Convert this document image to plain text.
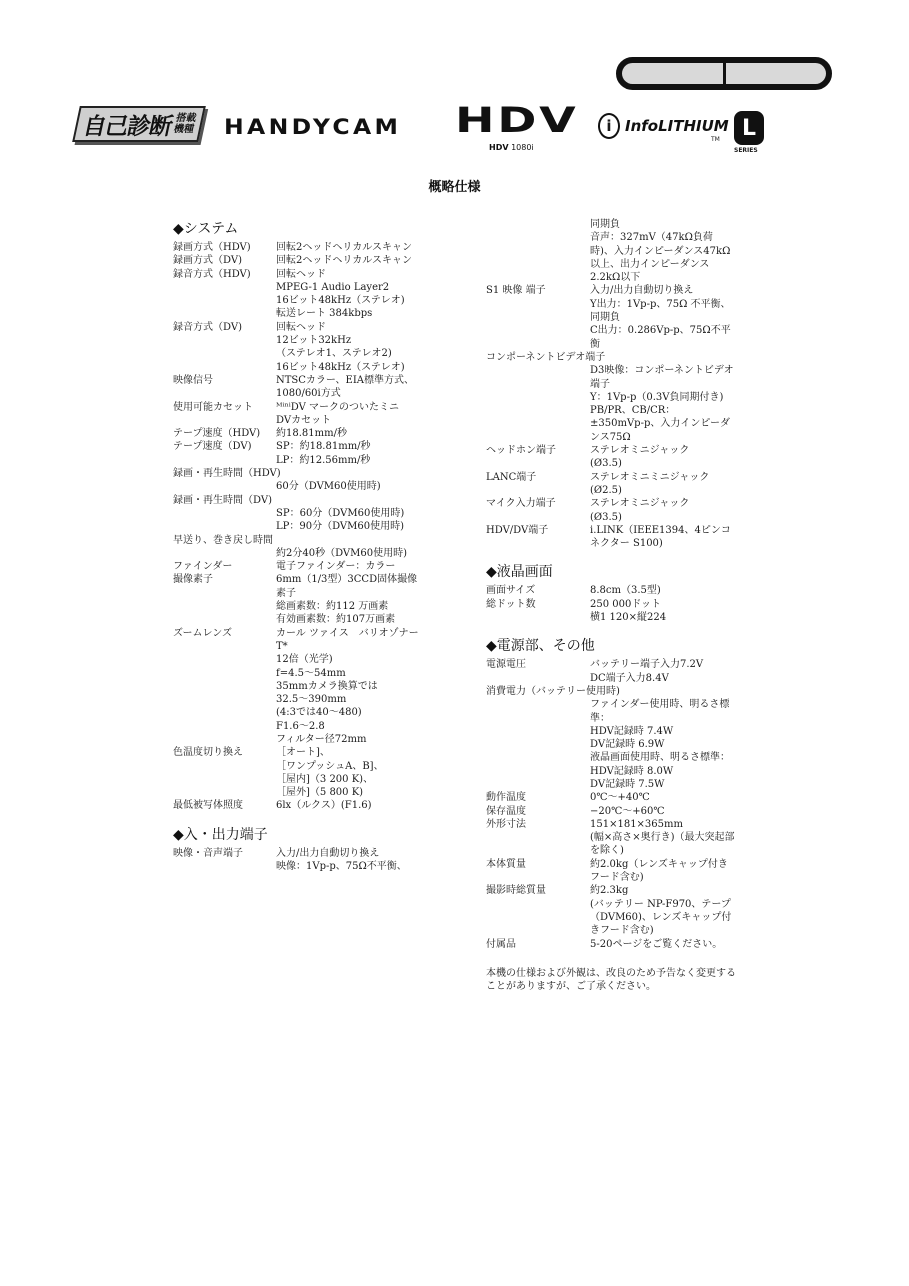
自己診断 搭載機種 HANDYCAM HDV
HDV 1080i
i InfoLITHIUM
TM	L
SERIES
概略仕様
◆システム
録画方式（HDV)	回転2ヘッドヘリカルスキャン
録画方式（DV)	回転2ヘッドヘリカルスキャン
録音方式（HDV)	回転ヘッド
MPEG-1 Audio Layer2
16ビット48kHz（ステレオ)
転送レート 384kbps
録音方式（DV)	回転ヘッド
12ビット32kHz
（ステレオ1、ステレオ2)
16ビット48kHz（ステレオ)
映像信号	NTSCカラー、EIA標準方式、
1080/60i方式
使用可能カセット	ᴹⁱⁿⁱDV マークのついたミニ
DVカセット
テープ速度（HDV)	約18.81mm/秒
テープ速度（DV)	SP：約18.81mm/秒
LP：約12.56mm/秒
録画・再生時間（HDV)
60分（DVM60使用時)
録画・再生時間（DV)
SP：60分（DVM60使用時)
LP：90分（DVM60使用時)
早送り、巻き戻し時間
約2分40秒（DVM60使用時)
ファインダー	電子ファインダー：カラー
撮像素子	6mm（1/3型）3CCD固体撮像素子
総画素数：約112 万画素
有効画素数：約107万画素
ズームレンズ	カール ツァイス　バリオゾナーT*
12倍（光学)
f=4.5〜54mm
35mmカメラ換算では
32.5〜390mm
(4:3では40〜480)
F1.6〜2.8
フィルター径72mm
色温度切り換え	［オート]、
［ワンプッシュA、B]、
［屋内]（3 200 K)、
［屋外]（5 800 K)
最低被写体照度	6lx（ルクス）(F1.6)
◆入・出力端子
映像・音声端子	入力/出力自動切り換え
映像：1Vp-p、75Ω不平衡、
同期負
音声：327mV（47kΩ負荷時)、入力インピーダンス47kΩ以上、出力インピーダンス2.2kΩ以下
S1 映像 端子	入力/出力自動切り換え
Y出力：1Vp-p、75Ω 不平衡、同期負
C出力：0.286Vp-p、75Ω不平衡
コンポーネントビデオ端子
D3映像：コンポーネントビデオ端子
Y：1Vp-p（0.3V負同期付き)
PB/PR、CB/CR：
±350mVp-p、入力インピーダンス75Ω
ヘッドホン端子	ステレオミニジャック
(Ø3.5)
LANC端子	ステレオミニミニジャック
(Ø2.5)
マイク入力端子	ステレオミニジャック
(Ø3.5)
HDV/DV端子	i.LINK（IEEE1394、4ピンコネクター S100)
◆液晶画面
画面サイズ	8.8cm（3.5型)
総ドット数	250 000ドット
横1 120×縦224
◆電源部、その他
電源電圧	バッテリー端子入力7.2V
DC端子入力8.4V
消費電力（バッテリー使用時)
ファインダー使用時、明るさ標準：
HDV記録時 7.4W
DV記録時 6.9W
液晶画面使用時、明るさ標準：
HDV記録時 8.0W
DV記録時 7.5W
動作温度	0℃〜+40℃
保存温度	−20℃〜+60℃
外形寸法	151×181×365mm
(幅×高さ×奥行き)（最大突起部を除く)
本体質量	約2.0kg（レンズキャップ付きフード含む)
撮影時総質量	約2.3kg
(バッテリー NP-F970、テープ（DVM60)、レンズキャップ付きフード含む)
付属品	5-20ページをご覧ください。
本機の仕様および外観は、改良のため予告なく変更することがありますが、ご了承ください。
